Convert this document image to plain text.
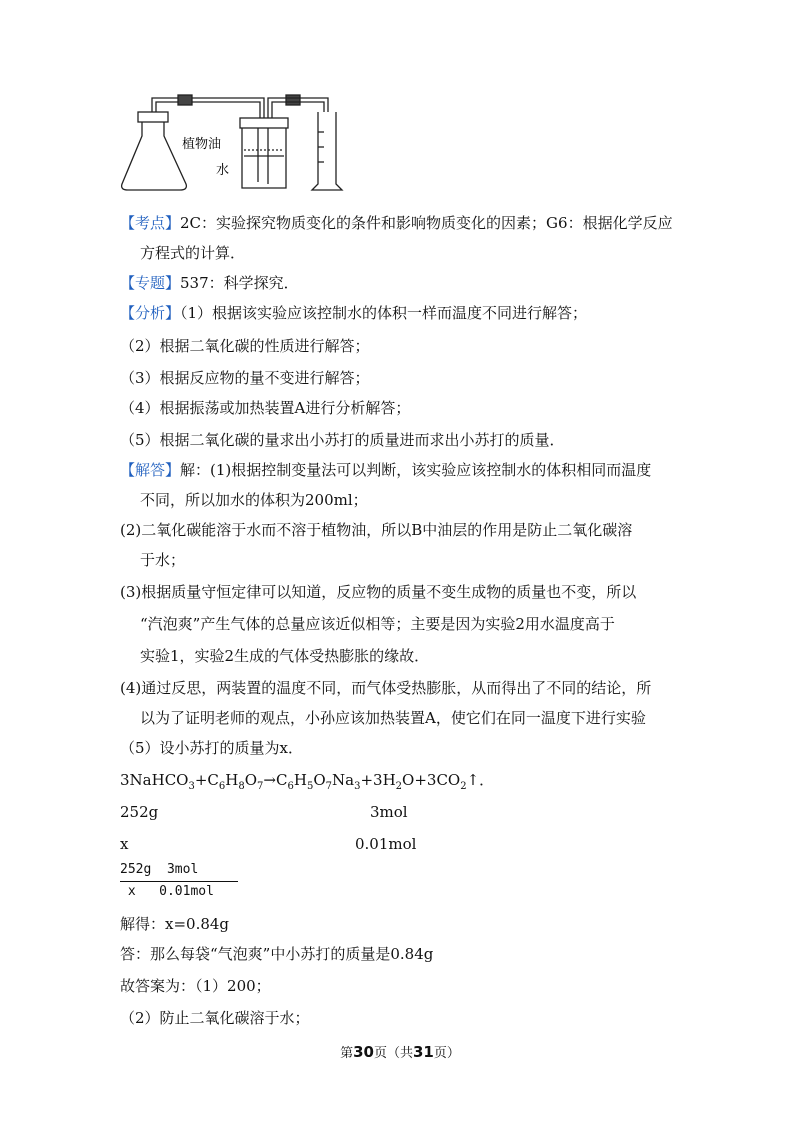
植物油
水
【考点】2C：实验探究物质变化的条件和影响物质变化的因素；G6：根据化学反应
方程式的计算．
【专题】537：科学探究．
【分析】（1）根据该实验应该控制水的体积一样而温度不同进行解答；
（2）根据二氧化碳的性质进行解答；
（3）根据反应物的量不变进行解答；
（4）根据振荡或加热装置A进行分析解答；
（5）根据二氧化碳的量求出小苏打的质量进而求出小苏打的质量．
【解答】解：(1)根据控制变量法可以判断，该实验应该控制水的体积相同而温度
不同，所以加水的体积为200ml；
(2)二氧化碳能溶于水而不溶于植物油，所以B中油层的作用是防止二氧化碳溶
于水；
(3)根据质量守恒定律可以知道，反应物的质量不变生成物的质量也不变，所以
“汽泡爽”产生气体的总量应该近似相等；主要是因为实验2用水温度高于
实验1，实验2生成的气体受热膨胀的缘故．
(4)通过反思，两装置的温度不同，而气体受热膨胀，从而得出了不同的结论，所
以为了证明老师的观点，小孙应该加热装置A，使它们在同一温度下进行实验
（5）设小苏打的质量为x．
$3NaHCO_3+C_6H_8O_7\to C_6H_5O_7Na_3+3H_2O+3CO_2↑$．
252g	3mol
x	0.01mol
252g  3mol
x   0.01mol
解得：x=0.84g
答：那么每袋“气泡爽”中小苏打的质量是0.84g
故答案为：（1）200；
（2）防止二氧化碳溶于水；
第30页（共31页）
